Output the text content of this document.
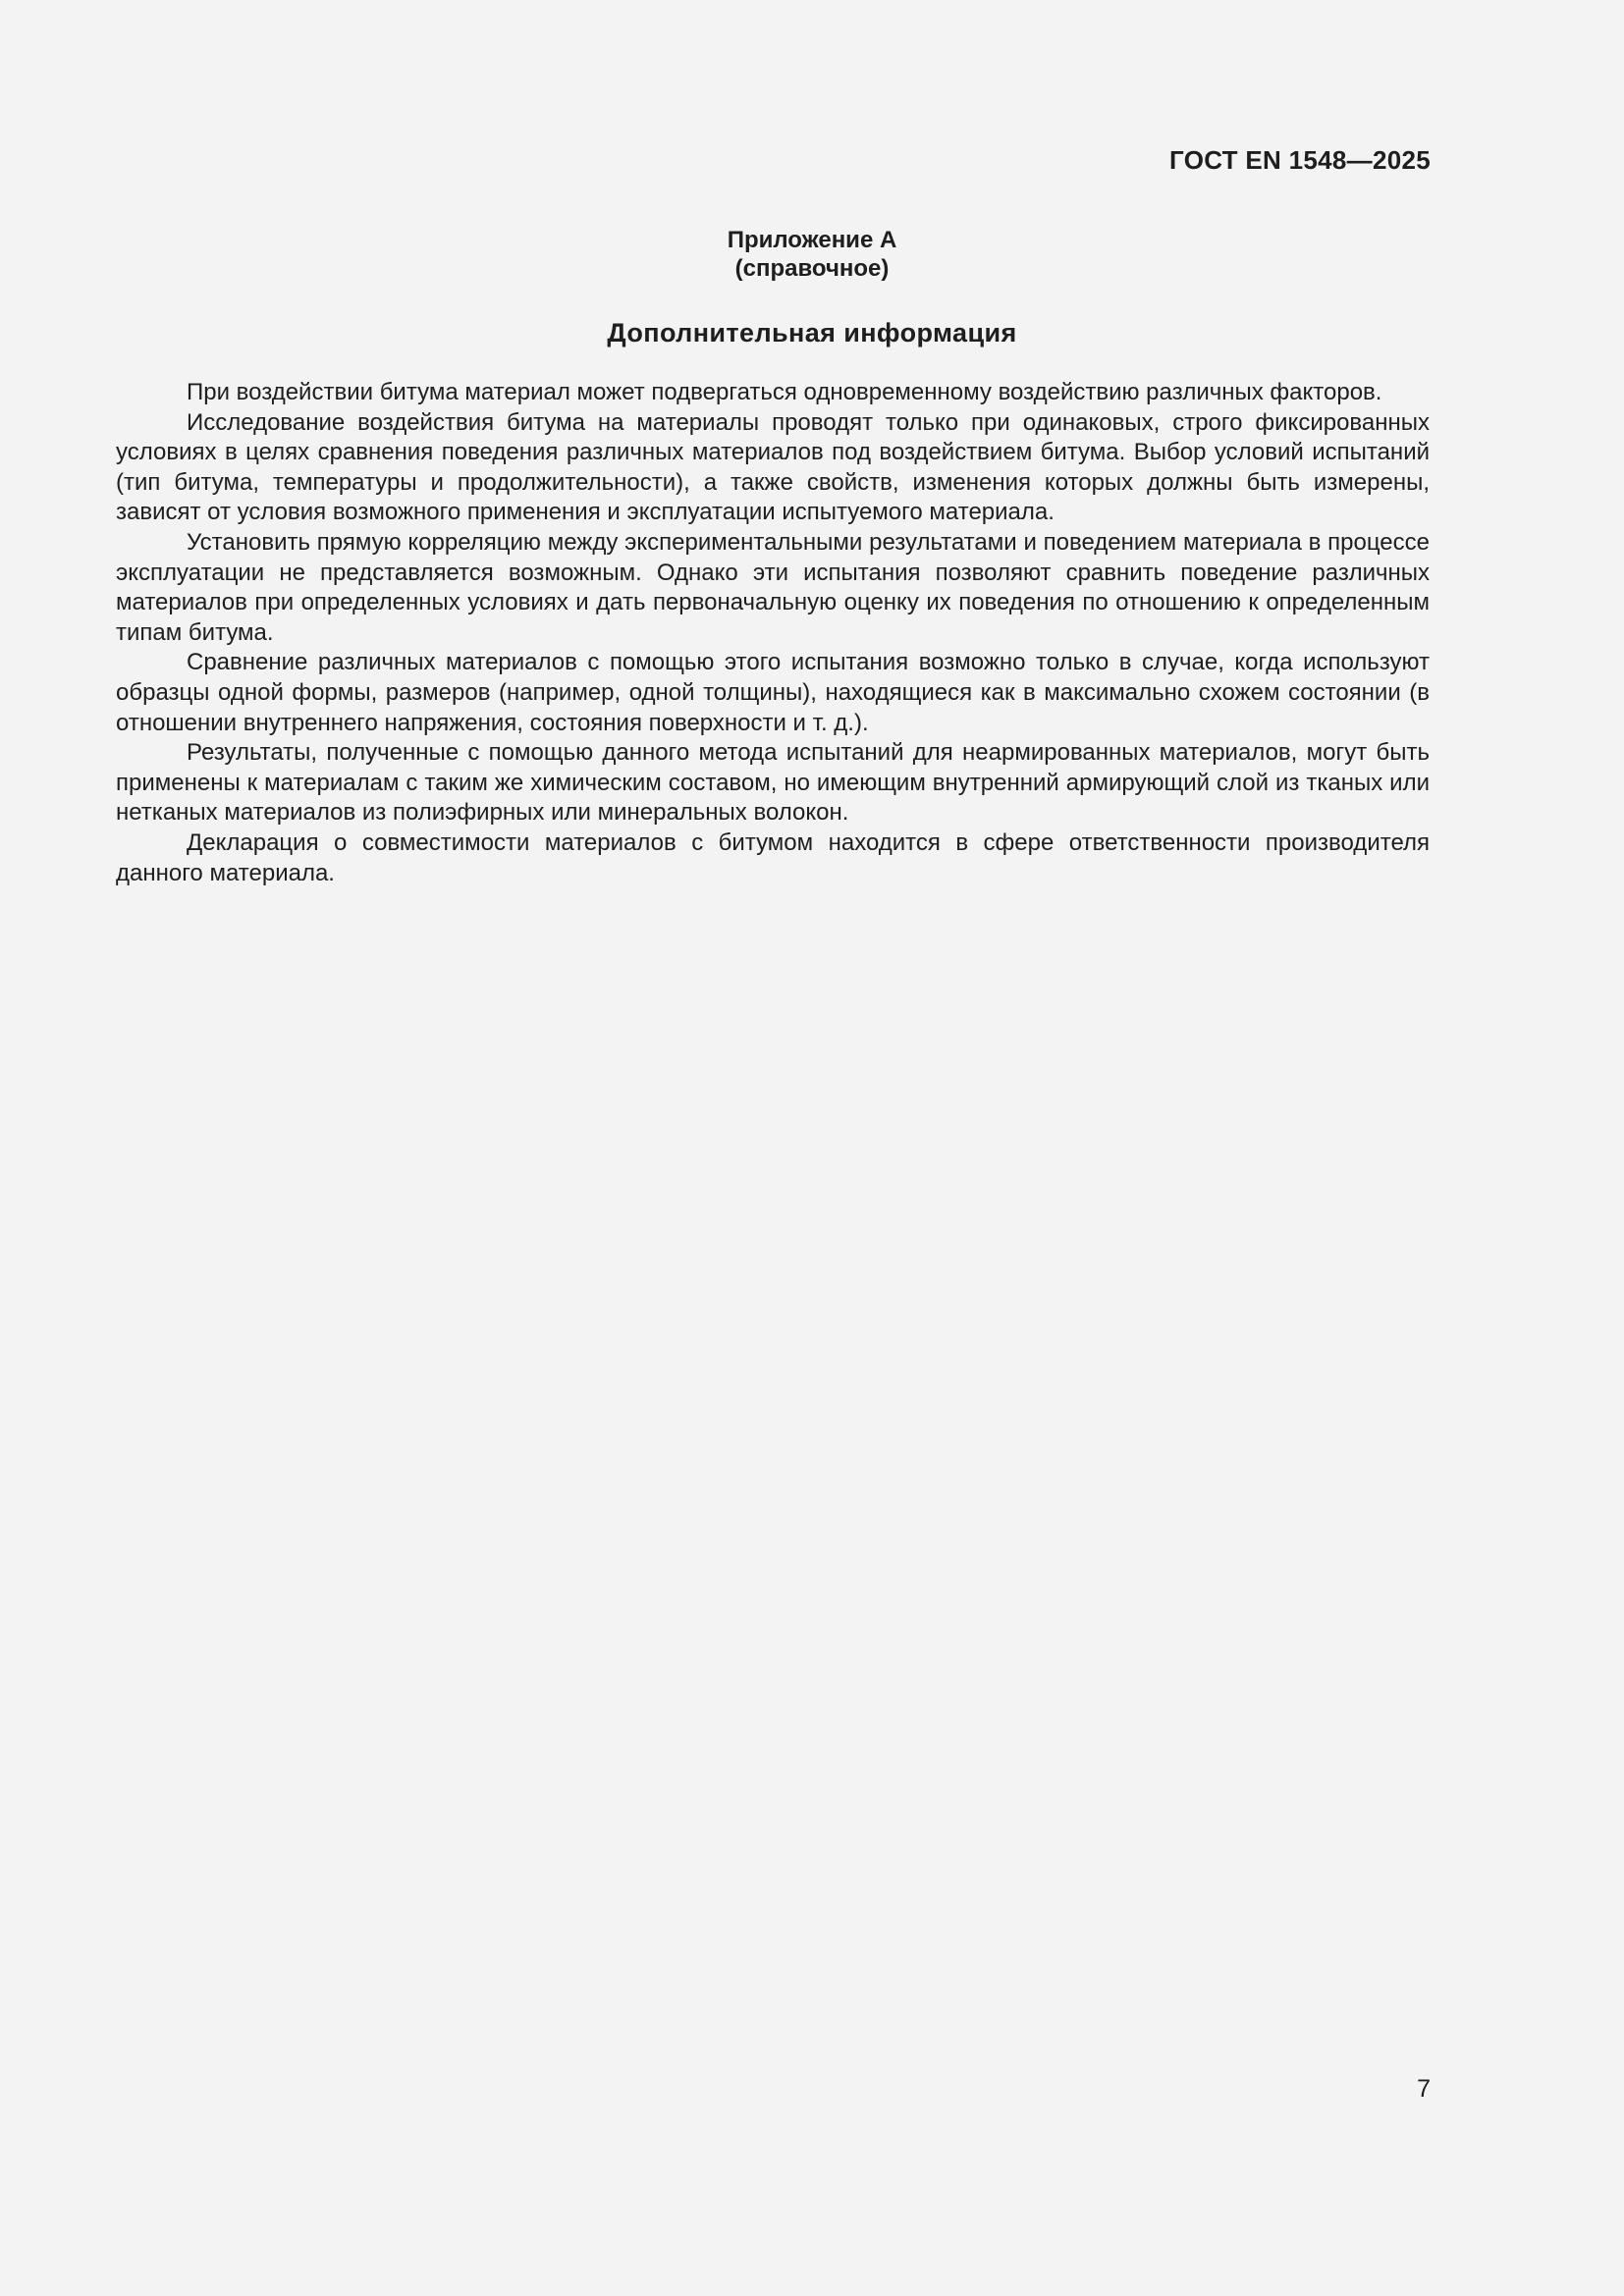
ГОСТ EN 1548—2025
Приложение А
(справочное)
Дополнительная информация

При воздействии битума материал может подвергаться одновременному воздействию различных факторов.

Исследование воздействия битума на материалы проводят только при одинаковых, строго фиксированных условиях в целях сравнения поведения различных материалов под воздействием битума. Выбор условий испытаний (тип битума, температуры и продолжительности), а также свойств, изменения которых должны быть измерены, зависят от условия возможного применения и эксплуатации испытуемого материала.

Установить прямую корреляцию между экспериментальными результатами и поведением материала в процессе эксплуатации не представляется возможным. Однако эти испытания позволяют сравнить поведение различных материалов при определенных условиях и дать первоначальную оценку их поведения по отношению к определенным типам битума.

Сравнение различных материалов с помощью этого испытания возможно только в случае, когда используют образцы одной формы, размеров (например, одной толщины), находящиеся как в максимально схожем состоянии (в отношении внутреннего напряжения, состояния поверхности и т. д.).

Результаты, полученные с помощью данного метода испытаний для неармированных материалов, могут быть применены к материалам с таким же химическим составом, но имеющим внутренний армирующий слой из тканых или нетканых материалов из полиэфирных или минеральных волокон.

Декларация о совместимости материалов с битумом находится в сфере ответственности производителя данного материала.

7
